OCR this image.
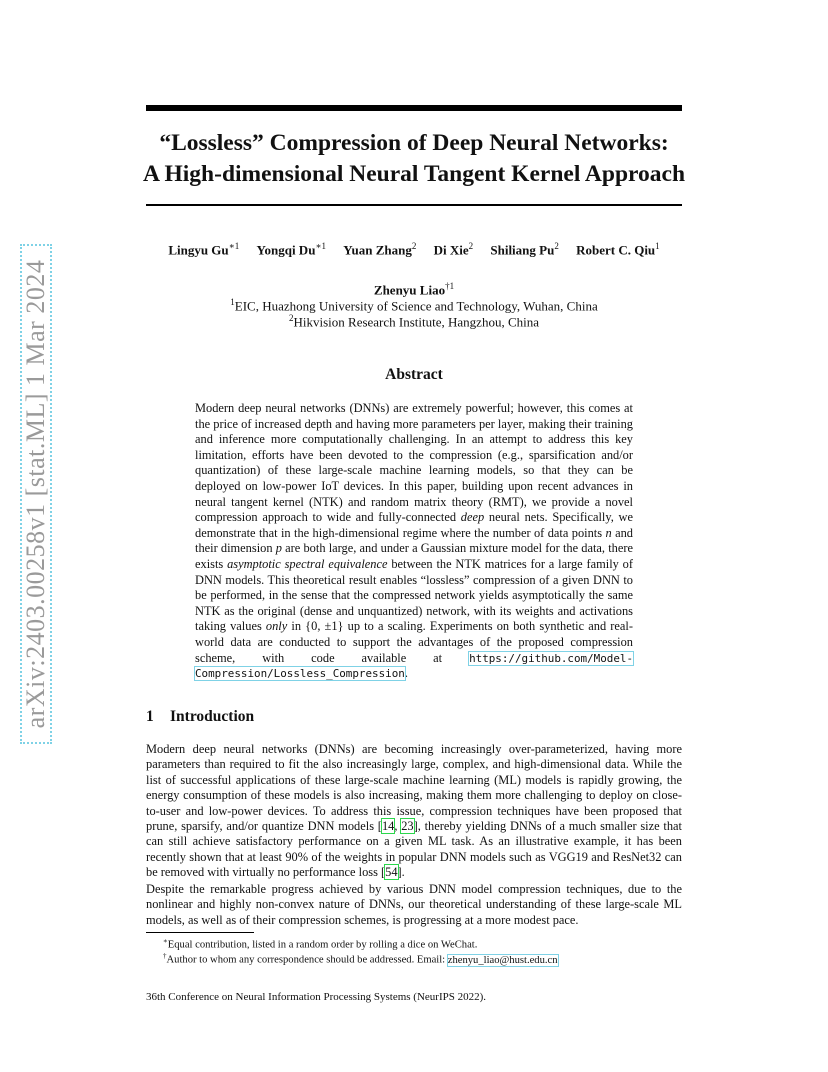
arXiv:2403.00258v1 [stat.ML] 1 Mar 2024
“Lossless” Compression of Deep Neural Networks:
A High-dimensional Neural Tangent Kernel Approach
Lingyu $Gu^{∗1}$ Yongqi $Du^{∗1}$ Yuan Zhang$^2$ Di Xie$^2$ Shiliang Pu$^2$ Robert C. Qiu$^1$
Zhenyu Liao$^{\dagger 1}$
$^1$EIC, Huazhong University of Science and Technology, Wuhan, China
$^2$Hikvision Research Institute, Hangzhou, China
Abstract

Modern deep neural networks (DNNs) are extremely powerful; however, this comes at the price of increased depth and having more parameters per layer, making their training and inference more computationally challenging. In an attempt to address this key limitation, efforts have been devoted to the compression (e.g., sparsification and/or quantization) of these large-scale machine learning models, so that they can be deployed on low-power IoT devices. In this paper, building upon recent advances in neural tangent kernel (NTK) and random matrix theory (RMT), we provide a novel compression approach to wide and fully-connected deep neural nets. Specifically, we demonstrate that in the high-dimensional regime where the number of data points n and their dimension p are both large, and under a Gaussian mixture model for the data, there exists asymptotic spectral equivalence between the NTK matrices for a large family of DNN models. This theoretical result enables “lossless” compression of a given DNN to be performed, in the sense that the compressed network yields asymptotically the same NTK as the original (dense and unquantized) network, with its weights and activations taking values only in {0, ±1} up to a scaling. Experiments on both synthetic and real-world data are conducted to support the advantages of the proposed compression scheme, with code available at https://github.com/Model-Compression/Lossless_Compression.

1 Introduction

Modern deep neural networks (DNNs) are becoming increasingly over-parameterized, having more parameters than required to fit the also increasingly large, complex, and high-dimensional data. While the list of successful applications of these large-scale machine learning (ML) models is rapidly growing, the energy consumption of these models is also increasing, making them more challenging to deploy on close-to-user and low-power devices. To address this issue, compression techniques have been proposed that prune, sparsify, and/or quantize DNN models [14, 23], thereby yielding DNNs of a much smaller size that can still achieve satisfactory performance on a given ML task. As an illustrative example, it has been recently shown that at least 90% of the weights in popular DNN models such as VGG19 and ResNet32 can be removed with virtually no performance loss [54].

Despite the remarkable progress achieved by various DNN model compression techniques, due to the nonlinear and highly non-convex nature of DNNs, our theoretical understanding of these large-scale ML models, as well as of their compression schemes, is progressing at a more modest pace.

∗Equal contribution, listed in a random order by rolling a dice on WeChat.
†Author to whom any correspondence should be addressed. Email: zhenyu_liao@hust.edu.cn
36th Conference on Neural Information Processing Systems (NeurIPS 2022).
